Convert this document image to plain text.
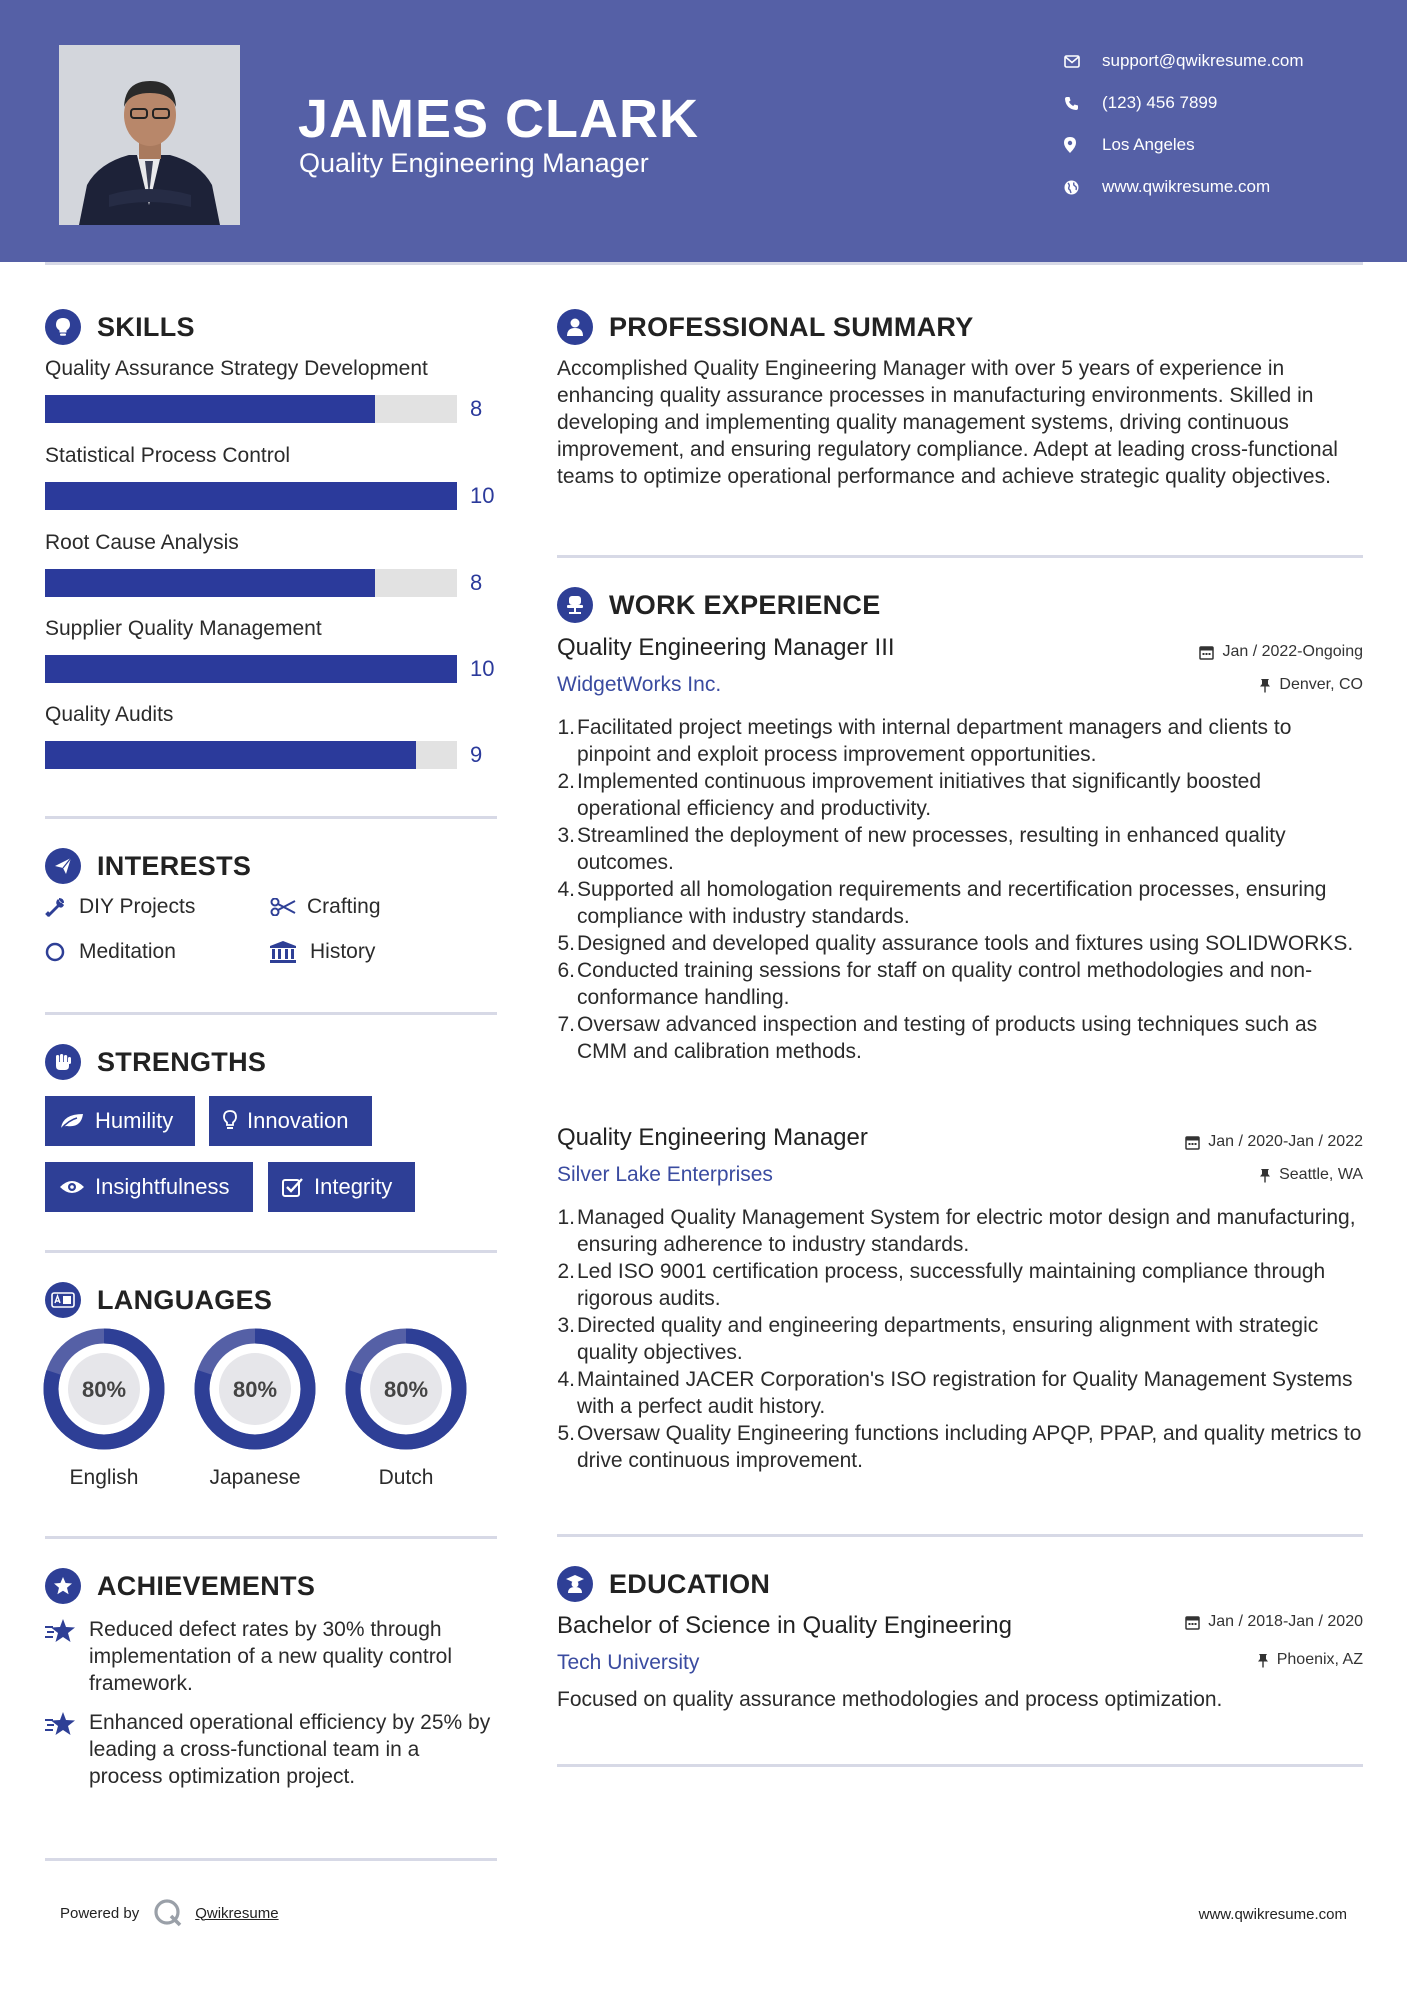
JAMES CLARK
Quality Engineering Manager
support@qwikresume.com
(123) 456 7899
Los Angeles
www.qwikresume.com
SKILLS
Quality Assurance Strategy Development
8
Statistical Process Control
10
Root Cause Analysis
8
Supplier Quality Management
10
Quality Audits
9
INTERESTS
DIY Projects	Crafting
Meditation	History
STRENGTHS
Humility	Innovation
Insightfulness	Integrity
LANGUAGES
80%
English
80%
Japanese
80%
Dutch
ACHIEVEMENTS
Reduced defect rates by 30% through implementation of a new quality control framework.
Enhanced operational efficiency by 25% by leading a cross-functional team in a process optimization project.
PROFESSIONAL SUMMARY
Accomplished Quality Engineering Manager with over 5 years of experience in enhancing quality assurance processes in manufacturing environments. Skilled in developing and implementing quality management systems, driving continuous improvement, and ensuring regulatory compliance. Adept at leading cross-functional teams to optimize operational performance and achieve strategic quality objectives.
WORK EXPERIENCE
Quality Engineering Manager III	Jan / 2022-Ongoing
WidgetWorks Inc.	Denver, CO
1. Facilitated project meetings with internal department managers and clients to pinpoint and exploit process improvement opportunities.
2. Implemented continuous improvement initiatives that significantly boosted operational efficiency and productivity.
3. Streamlined the deployment of new processes, resulting in enhanced quality outcomes.
4. Supported all homologation requirements and recertification processes, ensuring compliance with industry standards.
5. Designed and developed quality assurance tools and fixtures using SOLIDWORKS.
6. Conducted training sessions for staff on quality control methodologies and non-conformance handling.
7. Oversaw advanced inspection and testing of products using techniques such as CMM and calibration methods.
Quality Engineering Manager	Jan / 2020-Jan / 2022
Silver Lake Enterprises	Seattle, WA
1. Managed Quality Management System for electric motor design and manufacturing, ensuring adherence to industry standards.
2. Led ISO 9001 certification process, successfully maintaining compliance through rigorous audits.
3. Directed quality and engineering departments, ensuring alignment with strategic quality objectives.
4. Maintained JACER Corporation's ISO registration for Quality Management Systems with a perfect audit history.
5. Oversaw Quality Engineering functions including APQP, PPAP, and quality metrics to drive continuous improvement.
EDUCATION
Bachelor of Science in Quality Engineering	Jan / 2018-Jan / 2020
Tech University	Phoenix, AZ
Focused on quality assurance methodologies and process optimization.
Powered by	Qwikresume	www.qwikresume.com
